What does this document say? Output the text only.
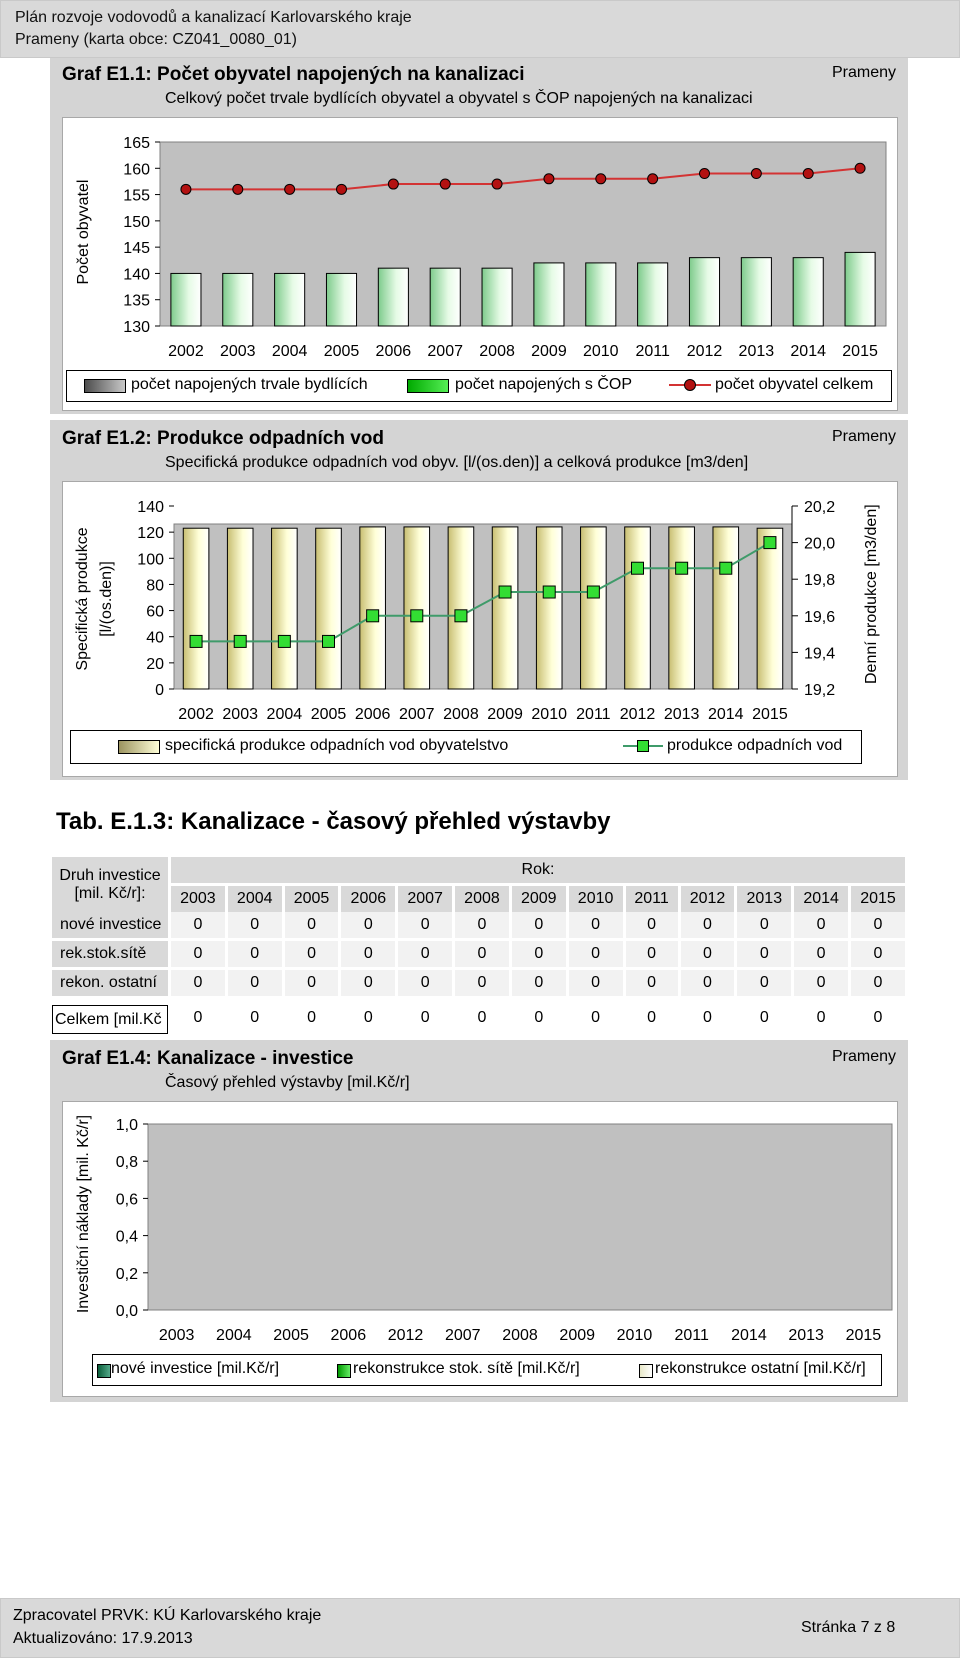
Plán rozvoje vodovodů a kanalizací Karlovarského kraje
Prameny (karta obce: CZ041_0080_01)
Graf E1.1: Počet obyvatel napojených na kanalizaci
Celkový počet trvale bydlících obyvatel a obyvatel s ČOP napojených na kanalizaci
Prameny
Počet obyvatel
130
135
140
145
150
155
160
165
2002 2003 2004 2005 2006 2007 2008 2009 2010 2011 2012 2013 2014 2015
počet napojených trvale bydlících	počet napojených s ČOP	počet obyvatel celkem
Graf E1.2: Produkce odpadních vod
Specifická produkce odpadních vod obyv. [l/(os.den)] a celková produkce [m3/den]
Prameny
Specifická produkce [l/(os.den)]	Denní produkce [m3/den]
0
20
40
60
80
100
120
140
19,2
19,4
19,6
19,8
20,0
20,2
2002 2003 2004 2005 2006 2007 2008 2009 2010 2011 2012 2013 2014 2015
specifická produkce odpadních vod obyvatelstvo	produkce odpadních vod
Tab. E.1.3: Kanalizace - časový přehled výstavby
Druh investice
[mil. Kč/r]:	Rok:												
	2003	2004	2005	2006	2007	2008	2009	2010	2011	2012	2013	2014	2015
nové investice	0	0	0	0	0	0	0	0	0	0	0	0	0
rek.stok.sítě	0	0	0	0	0	0	0	0	0	0	0	0	0
rekon. ostatní	0	0	0	0	0	0	0	0	0	0	0	0	0

Celkem [mil.Kč	0	0	0	0	0	0	0	0	0	0	0	0	0
Graf E1.4: Kanalizace - investice
Časový přehled výstavby [mil.Kč/r]
Prameny
Investiční náklady [mil. Kč/r] 0,0
0,2
0,4
0,6
0,8
1,0
2003 2004 2005 2006 2012 2007 2008 2009 2010 2011 2014 2013 2015
nové investice [mil.Kč/r]	rekonstrukce stok. sítě [mil.Kč/r]	rekonstrukce ostatní [mil.Kč/r]
Zpracovatel PRVK: KÚ Karlovarského kraje
Aktualizováno: 17.9.2013
Stránka 7 z 8
